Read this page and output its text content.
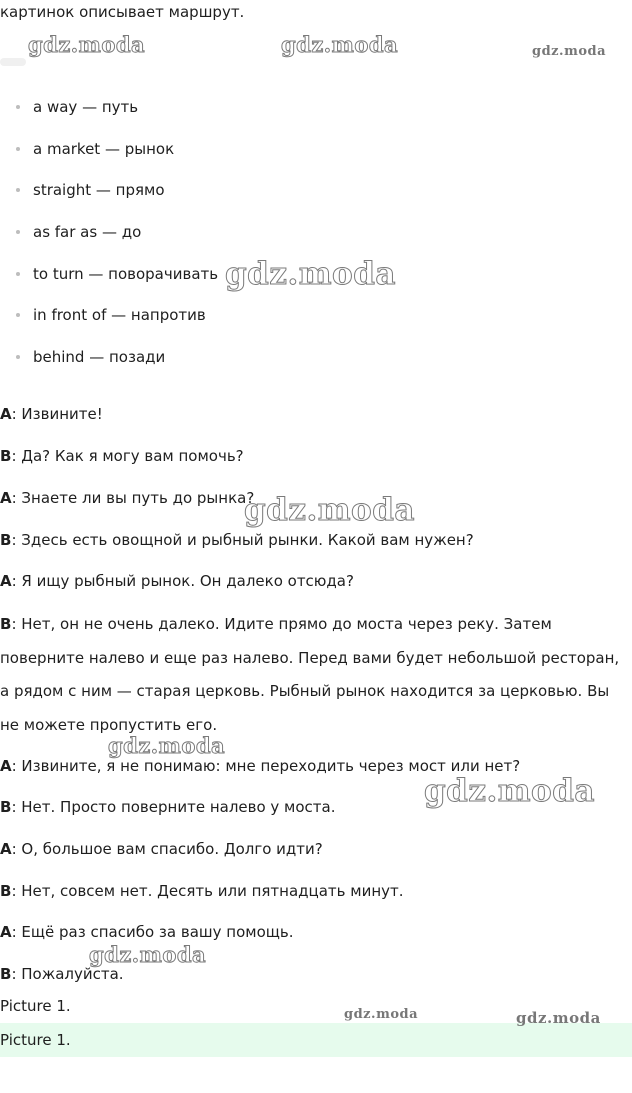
картинок описывает маршрут.
a way — путь
a market — рынок
straight — прямо
as far as — до
to turn — поворачивать
in front of — напротив
behind — позади
A: Извините!
B: Да? Как я могу вам помочь?
A: Знаете ли вы путь до рынка?
B: Здесь есть овощной и рыбный рынки. Какой вам нужен?
A: Я ищу рыбный рынок. Он далеко отсюда?
B: Нет, он не очень далеко. Идите прямо до моста через реку. Затем поверните налево и еще раз налево. Перед вами будет небольшой ресторан, а рядом с ним — старая церковь. Рыбный рынок находится за церковью. Вы не можете пропустить его.
A: Извините, я не понимаю: мне переходить через мост или нет?
B: Нет. Просто поверните налево у моста.
A: О, большое вам спасибо. Долго идти?
B: Нет, совсем нет. Десять или пятнадцать минут.
A: Ещё раз спасибо за вашу помощь.
B: Пожалуйста.
Picture 1.
Picture 1.
gdz.moda	gdz.moda	gdz.moda
gdz.moda
gdz.moda
gdz.moda
gdz.moda
gdz.moda
gdz.moda	gdz.moda
